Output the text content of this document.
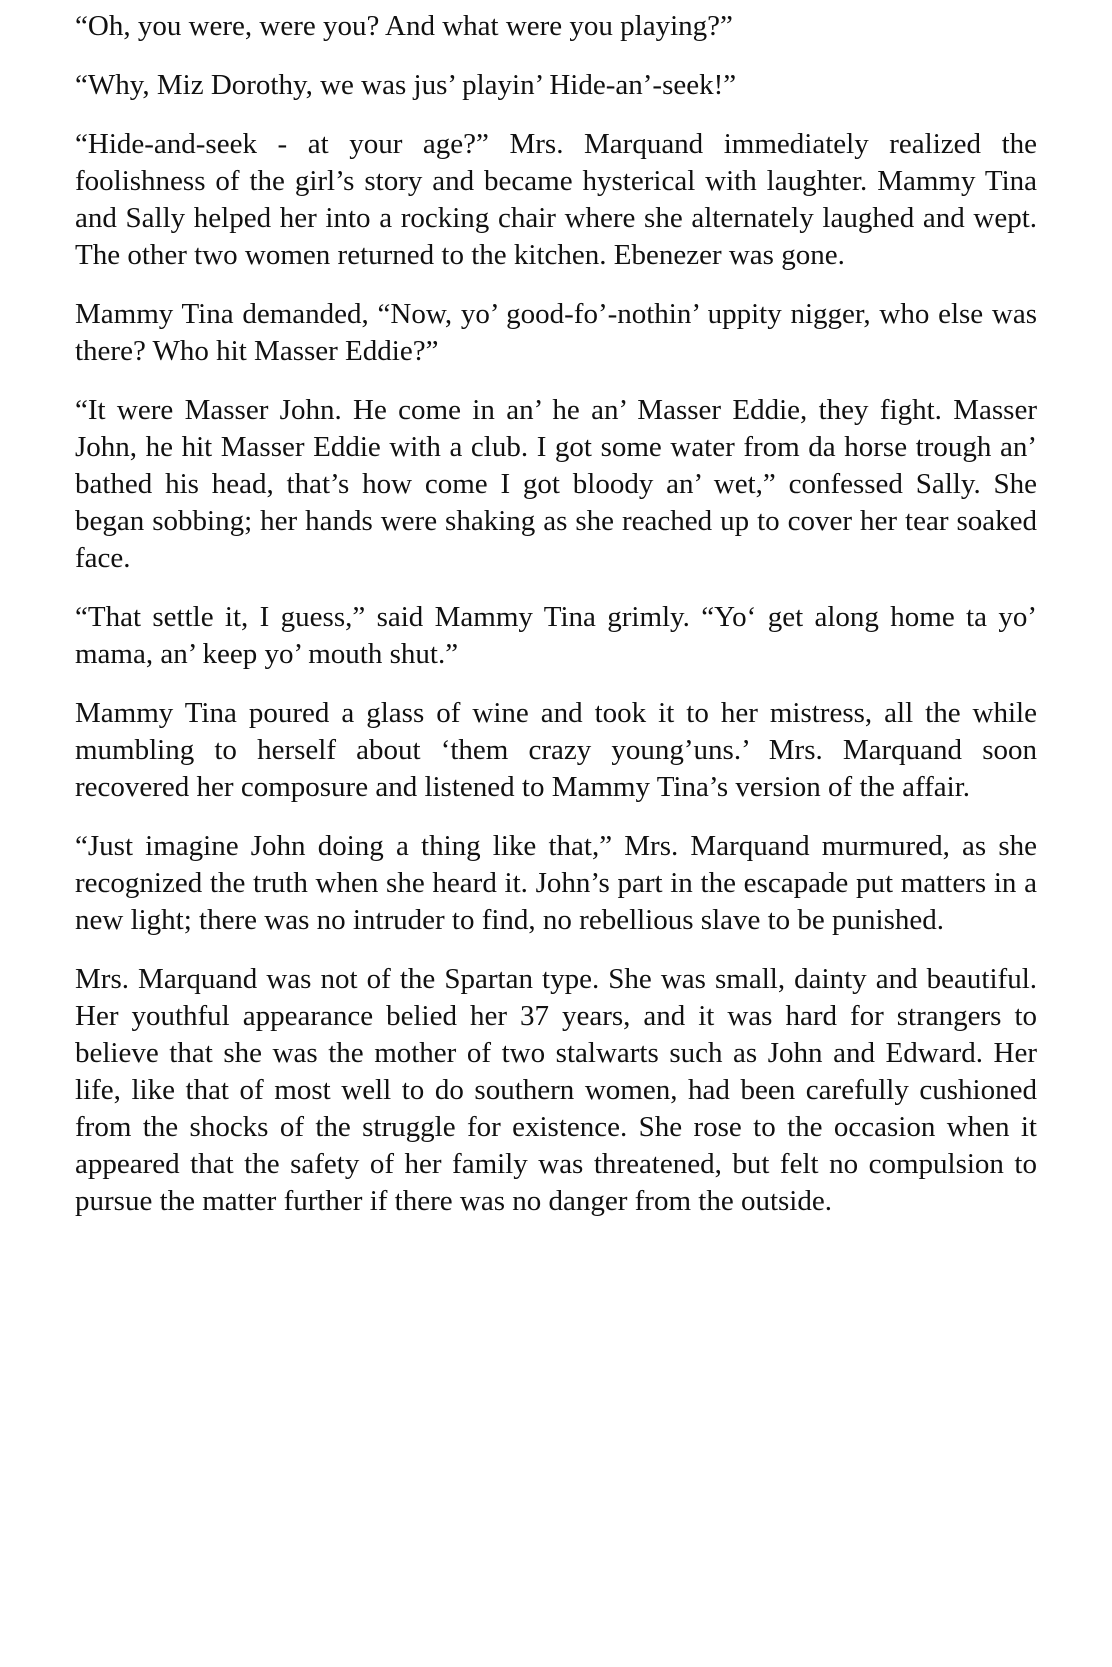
“Oh, you were, were you? And what were you playing?”

“Why, Miz Dorothy, we was jus’ playin’ Hide-an’-seek!”

“Hide-and-seek - at your age?” Mrs. Marquand immediately realized the foolishness of the girl’s story and became hysterical with laughter. Mammy Tina and Sally helped her into a rocking chair where she alternately laughed and wept. The other two women returned to the kitchen. Ebenezer was gone.

Mammy Tina demanded, “Now, yo’ good-fo’-nothin’ uppity nigger, who else was there? Who hit Masser Eddie?”

“It were Masser John. He come in an’ he an’ Masser Eddie, they fight. Masser John, he hit Masser Eddie with a club. I got some water from da horse trough an’ bathed his head, that’s how come I got bloody an’ wet,” confessed Sally. She began sobbing; her hands were shaking as she reached up to cover her tear soaked face.

“That settle it, I guess,” said Mammy Tina grimly. “Yo‘ get along home ta yo’ mama, an’ keep yo’ mouth shut.”

Mammy Tina poured a glass of wine and took it to her mistress, all the while mumbling to herself about ‘them crazy young’uns.’ Mrs. Marquand soon recovered her composure and listened to Mammy Tina’s version of the affair.

“Just imagine John doing a thing like that,” Mrs. Marquand murmured, as she recognized the truth when she heard it. John’s part in the escapade put matters in a new light; there was no intruder to find, no rebellious slave to be punished.

Mrs. Marquand was not of the Spartan type. She was small, dainty and beautiful. Her youthful appearance belied her 37 years, and it was hard for strangers to believe that she was the mother of two stalwarts such as John and Edward. Her life, like that of most well to do southern women, had been carefully cushioned from the shocks of the struggle for existence. She rose to the occasion when it appeared that the safety of her family was threatened, but felt no compulsion to pursue the matter further if there was no danger from the outside.
